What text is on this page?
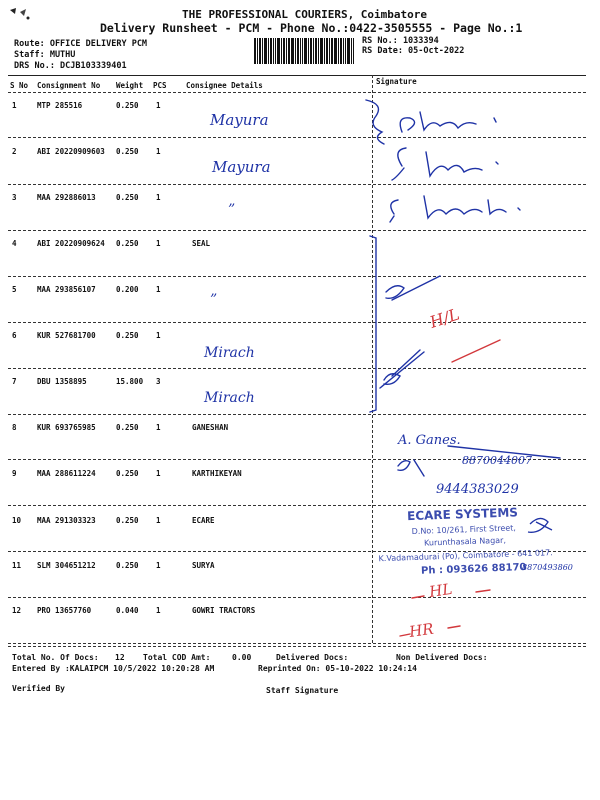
THE PROFESSIONAL COURIERS, Coimbatore
Delivery Runsheet - PCM - Phone No.:0422-3505555 - Page No.:1
Route: OFFICE DELIVERY PCM
Staff: MUTHU
DRS No.: DCJB103339401
RS No.: 1033394
RS Date: 05-Oct-2022
S No Consignment No Weight PCS	Consignee Details	Signature
1	MTP 285516	0.250 1
2	ABI 20220909603 0.250 1
3	MAA 292886013	0.250 1
4	ABI 20220909624 0.250 1	SEAL
5	MAA 293856107	0.200 1
6	KUR 527681700	0.250 1
7	DBU 1358895	15.800 3
8	KUR 693765985	0.250 1	GANESHAN
9	MAA 288611224	0.250 1	KARTHIKEYAN
10 MAA 291303323	0.250 1	ECARE
11 SLM 304651212	0.250 1	SURYA
12 PRO 13657760	0.040 1	GOWRI TRACTORS
Total No. Of Docs: 12 Total COD Amt:	0.00	Delivered Docs:	Non Delivered Docs:
Entered By :KALAIPCM 10/5/2022 10:20:28 AM	Reprinted On: 05-10-2022 10:24:14
Verified By	Staff Signature
Mayura
Mayura
”
”
Mirach
Mirach
A. Ganes.
8870044007
9444383029
8870493860
H/L
HL
HR
ECARE SYSTEMS
D.No: 10/261, First Street,
Kurunthasala Nagar,
K.Vadamadurai (Po), Coimbatore - 641 017.
Ph : 093626 88170
